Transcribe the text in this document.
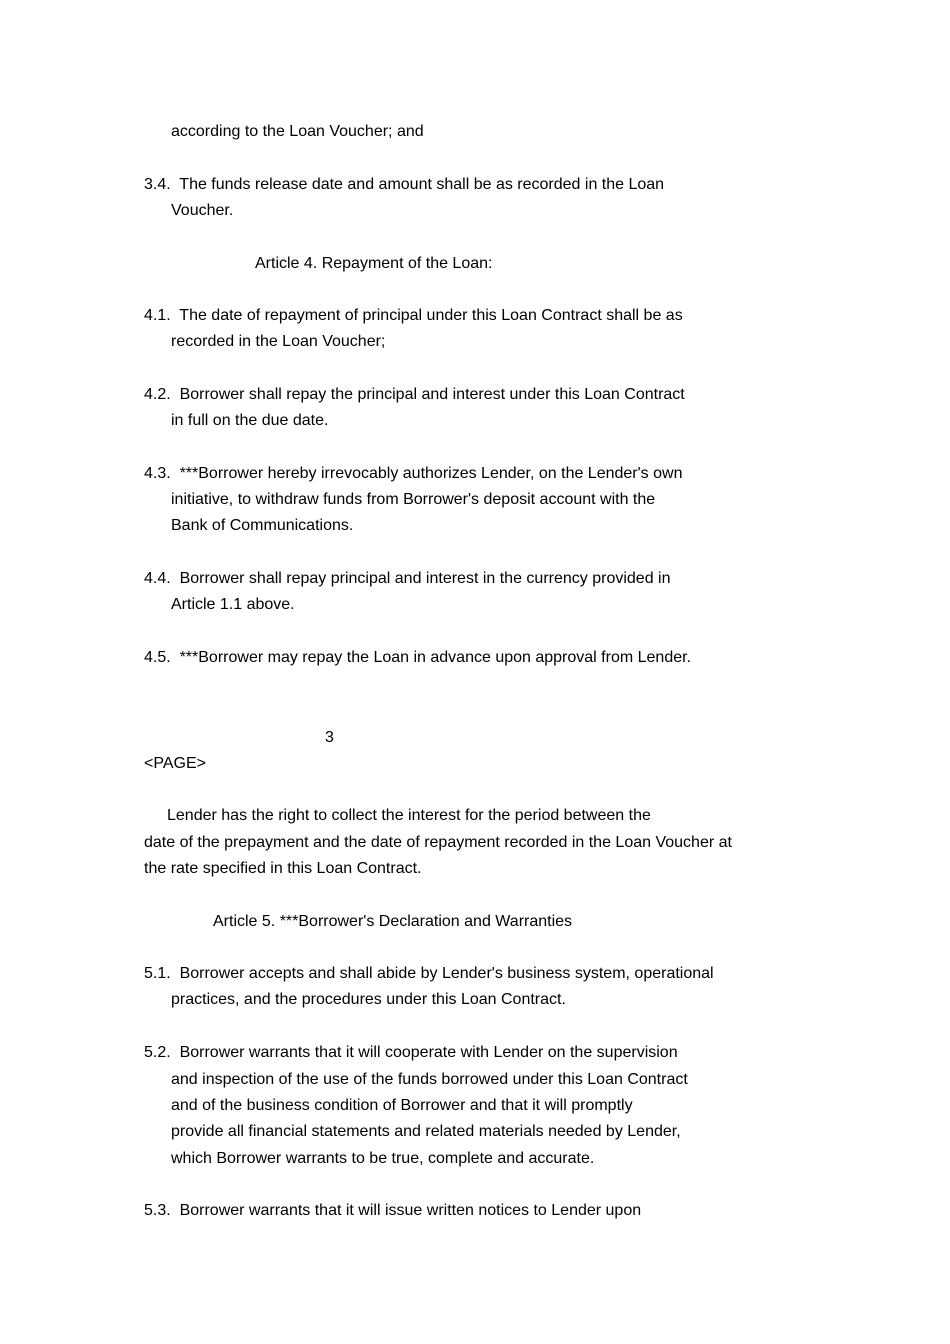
according to the Loan Voucher; and
3.4.  The funds release date and amount shall be as recorded in the Loan
Voucher.
Article 4. Repayment of the Loan:
4.1.  The date of repayment of principal under this Loan Contract shall be as
recorded in the Loan Voucher;
4.2.  Borrower shall repay the principal and interest under this Loan Contract
in full on the due date.
4.3.  ***Borrower hereby irrevocably authorizes Lender, on the Lender's own
initiative, to withdraw funds from Borrower's deposit account with the
Bank of Communications.
4.4.  Borrower shall repay principal and interest in the currency provided in
Article 1.1 above.
4.5.  ***Borrower may repay the Loan in advance upon approval from Lender.
3
<PAGE>
Lender has the right to collect the interest for the period between the
date of the prepayment and the date of repayment recorded in the Loan Voucher at
the rate specified in this Loan Contract.
Article 5. ***Borrower's Declaration and Warranties
5.1.  Borrower accepts and shall abide by Lender's business system, operational
practices, and the procedures under this Loan Contract.
5.2.  Borrower warrants that it will cooperate with Lender on the supervision
and inspection of the use of the funds borrowed under this Loan Contract
and of the business condition of Borrower and that it will promptly
provide all financial statements and related materials needed by Lender,
which Borrower warrants to be true, complete and accurate.
5.3.  Borrower warrants that it will issue written notices to Lender upon
